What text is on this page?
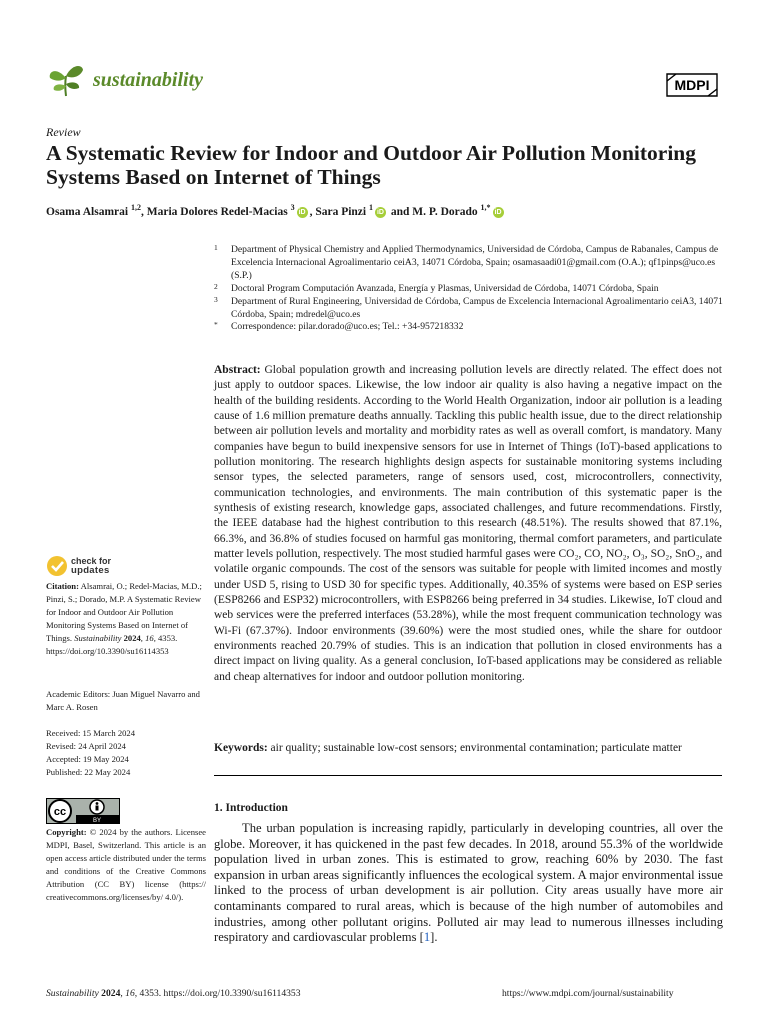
sustainability	MDPI
Review
A Systematic Review for Indoor and Outdoor Air Pollution Monitoring Systems Based on Internet of Things
Osama Alsamrai $^{1,2}$, Maria Dolores Redel-Macias $^3$iD , Sara Pinzi $^1$iD and M. P. Dorado $^{1,*}$iD
1 Department of Physical Chemistry and Applied Thermodynamics, Universidad de Córdoba, Campus de Rabanales, Campus de Excelencia Internacional Agroalimentario ceiA3, 14071 Córdoba, Spain; osamasaadi01@gmail.com (O.A.); qf1pinps@uco.es (S.P.)
2 Doctoral Program Computación Avanzada, Energía y Plasmas, Universidad de Córdoba, 14071 Córdoba, Spain
3 Department of Rural Engineering, Universidad de Córdoba, Campus de Excelencia Internacional Agroalimentario ceiA3, 14071 Córdoba, Spain; mdredel@uco.es
* Correspondence: pilar.dorado@uco.es; Tel.: +34-957218332

Abstract: Global population growth and increasing pollution levels are directly related. The effect does not just apply to outdoor spaces. Likewise, the low indoor air quality is also having a negative impact on the health of the building residents. According to the World Health Organization, indoor air pollution is a leading cause of 1.6 million premature deaths annually. Tackling this public health issue, due to the direct relationship between air pollution levels and mortality and morbidity rates as well as overall comfort, is mandatory. Many companies have begun to build inexpensive sensors for use in Internet of Things (IoT)-based applications to pollution monitoring. The research highlights design aspects for sustainable monitoring systems including sensor types, the selected parameters, range of sensors used, cost, microcontrollers, connectivity, communication technologies, and environments. The main contribution of this systematic paper is the synthesis of existing research, knowledge gaps, associated challenges, and future recommendations. Firstly, the IEEE database had the highest contribution to this research (48.51%). The results showed that 87.1%, 66.3%, and 36.8% of studies focused on harmful gas monitoring, thermal comfort parameters, and particulate matter levels pollution, respectively. The most studied harmful gases were CO₂, CO, NO₂, O₃, SO₂, SnO₂, and volatile organic compounds. The cost of the sensors was suitable for people with limited incomes and mostly under USD 5, rising to USD 30 for specific types. Additionally, 40.35% of systems were based on ESP series (ESP8266 and ESP32) microcontrollers, with ESP8266 being preferred in 34 studies. Likewise, IoT cloud and web services were the preferred interfaces (53.28%), while the most frequent communication technology was Wi-Fi (67.37%). Indoor environments (39.60%) were the most studied ones, while the share for outdoor environments reached 20.79% of studies. This is an indication that pollution in closed environments has a direct impact on living quality. As a general conclusion, IoT-based applications may be considered as reliable and cheap alternatives for indoor and outdoor pollution monitoring.

Keywords: air quality; sustainable low-cost sensors; environmental contamination; particulate matter
check for
updates

Citation: Alsamrai, O.; Redel-Macias, M.D.; Pinzi, S.; Dorado, M.P. A Systematic Review for Indoor and Outdoor Air Pollution Monitoring Systems Based on Internet of Things. Sustainability 2024, 16, 4353. https://doi.org/10.3390/su16114353

Academic Editors: Juan Miguel Navarro and Marc A. Rosen

Received: 15 March 2024

Revised: 24 April 2024

Accepted: 19 May 2024

Published: 22 May 2024

cc
BY

Copyright: © 2024 by the authors. Licensee MDPI, Basel, Switzerland. This article is an open access article distributed under the terms and conditions of the Creative Commons Attribution (CC BY) license (https:// creativecommons.org/licenses/by/ 4.0/).

1. Introduction

The urban population is increasing rapidly, particularly in developing countries, all over the globe. Moreover, it has quickened in the past few decades. In 2018, around 55.3% of the worldwide population lived in urban zones. This is estimated to grow, reaching 60% by 2030. The fast expansion in urban areas significantly influences the ecological system. A major environmental issue linked to the process of urban development is air pollution. City areas usually have more air contaminants compared to rural areas, which is because of the high number of automobiles and industries, among other pollutant origins. Polluted air may lead to numerous illnesses including respiratory and cardiovascular problems [1].

Sustainability 2024, 16, 4353. https://doi.org/10.3390/su16114353	https://www.mdpi.com/journal/sustainability
